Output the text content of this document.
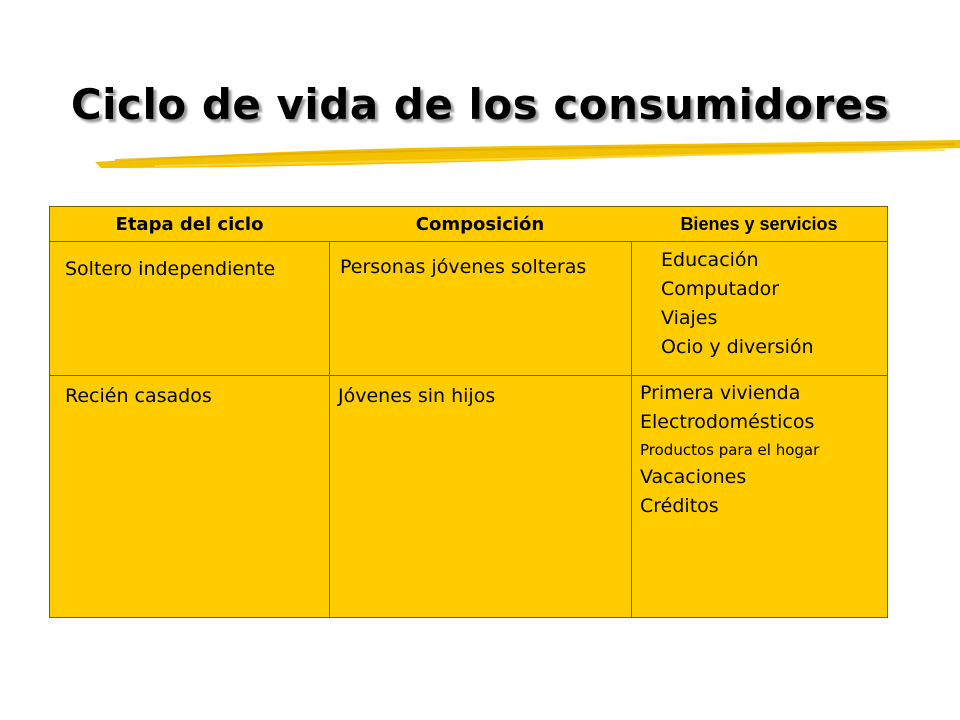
Ciclo de vida de los consumidores
Etapa del ciclo	Composición	Bienes y servicios
Soltero independiente	Personas jóvenes solteras	Educación
Computador
Viajes
Ocio y diversión
Recién casados	Jóvenes sin hijos	Primera vivienda
Electrodomésticos
Productos para el hogar
Vacaciones
Créditos
